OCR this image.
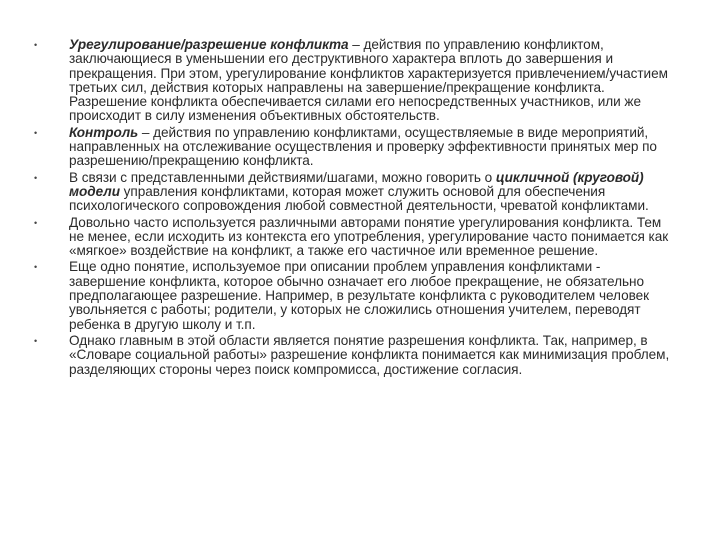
•	Урегулирование/разрешение конфликта – действия по управлению конфликтом, заключающиеся в уменьшении его деструктивного характера вплоть до завершения и прекращения. При этом, урегулирование конфликтов характеризуется привлечением/участием третьих сил, действия которых направлены на завершение/прекращение конфликта. Разрешение конфликта обеспечивается силами его непосредственных участников, или же происходит в силу изменения объективных обстоятельств.
•	Контроль – действия по управлению конфликтами, осуществляемые в виде мероприятий, направленных на отслеживание осуществления и проверку эффективности принятых мер по разрешению/прекращению конфликта.
•	В связи с представленными действиями/шагами, можно говорить о цикличной (круговой) модели управления конфликтами, которая может служить основой для обеспечения психологического сопровождения любой совместной деятельности, чреватой конфликтами.
•	Довольно часто используется различными авторами понятие урегулирования конфликта. Тем не менее, если исходить из контекста его употребления, урегулирование часто понимается как «мягкое» воздействие на конфликт, а также его частичное или временное решение.
•	Еще одно понятие, используемое при описании проблем управления конфликтами - завершение конфликта, которое обычно означает его любое прекращение, не обязательно предполагающее разрешение. Например, в результате конфликта с руководителем человек увольняется с работы; родители, у которых не сложились отношения учителем, переводят ребенка в другую школу и т.п.
•	Однако главным в этой области является понятие разрешения конфликта. Так, например, в «Словаре социальной работы» разрешение конфликта понимается как минимизация проблем, разделяющих стороны через поиск компромисса, достижение согласия.
